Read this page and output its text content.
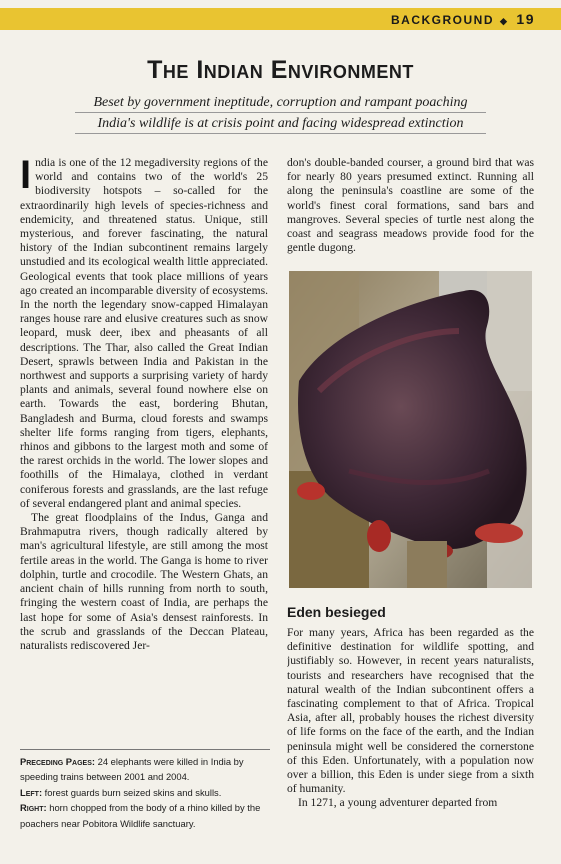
BACKGROUND ◆ 19
The Indian Environment
Beset by government ineptitude, corruption and rampant poaching
India's wildlife is at crisis point and facing widespread extinction

India is one of the 12 megadiversity regions of the world and contains two of the world's 25 biodiversity hotspots – so-called for the extraordinarily high levels of species-richness and endemicity, and threatened status. Unique, still mysterious, and forever fascinating, the natural history of the Indian subcontinent remains largely unstudied and its ecological wealth little appreciated. Geological events that took place millions of years ago created an incomparable diversity of ecosystems. In the north the legendary snow-capped Himalayan ranges house rare and elusive creatures such as snow leopard, musk deer, ibex and pheasants of all descriptions. The Thar, also called the Great Indian Desert, sprawls between India and Pakistan in the northwest and supports a surprising variety of hardy plants and animals, several found nowhere else on earth. Towards the east, bordering Bhutan, Bangladesh and Burma, cloud forests and swamps shelter life forms ranging from tigers, elephants, rhinos and gibbons to the largest moth and some of the rarest orchids in the world. The lower slopes and foothills of the Himalaya, clothed in verdant coniferous forests and grasslands, are the last refuge of several endangered plant and animal species.

The great floodplains of the Indus, Ganga and Brahmaputra rivers, though radically altered by man's agricultural lifestyle, are still among the most fertile areas in the world. The Ganga is home to river dolphin, turtle and crocodile. The Western Ghats, an ancient chain of hills running from north to south, fringing the western coast of India, are perhaps the last hope for some of Asia's densest rainforests. In the scrub and grasslands of the Deccan Plateau, naturalists rediscovered Jer-

Preceding Pages: 24 elephants were killed in India by speeding trains between 2001 and 2004.
Left: forest guards burn seized skins and skulls.
Right: horn chopped from the body of a rhino killed by the poachers near Pobitora Wildlife sanctuary.

don's double-banded courser, a ground bird that was for nearly 80 years presumed extinct. Running all along the peninsula's coastline are some of the world's finest coral formations, sand bars and mangroves. Several species of turtle nest along the coast and seagrass meadows provide food for the gentle dugong.

Eden besieged

For many years, Africa has been regarded as the definitive destination for wildlife spotting, and justifiably so. However, in recent years naturalists, tourists and researchers have recognised that the natural wealth of the Indian subcontinent offers a fascinating complement to that of Africa. Tropical Asia, after all, probably houses the richest diversity of life forms on the face of the earth, and the Indian peninsula might well be considered the cornerstone of this Eden. Unfortunately, with a population now over a billion, this Eden is under siege from a sixth of humanity.

In 1271, a young adventurer departed from
